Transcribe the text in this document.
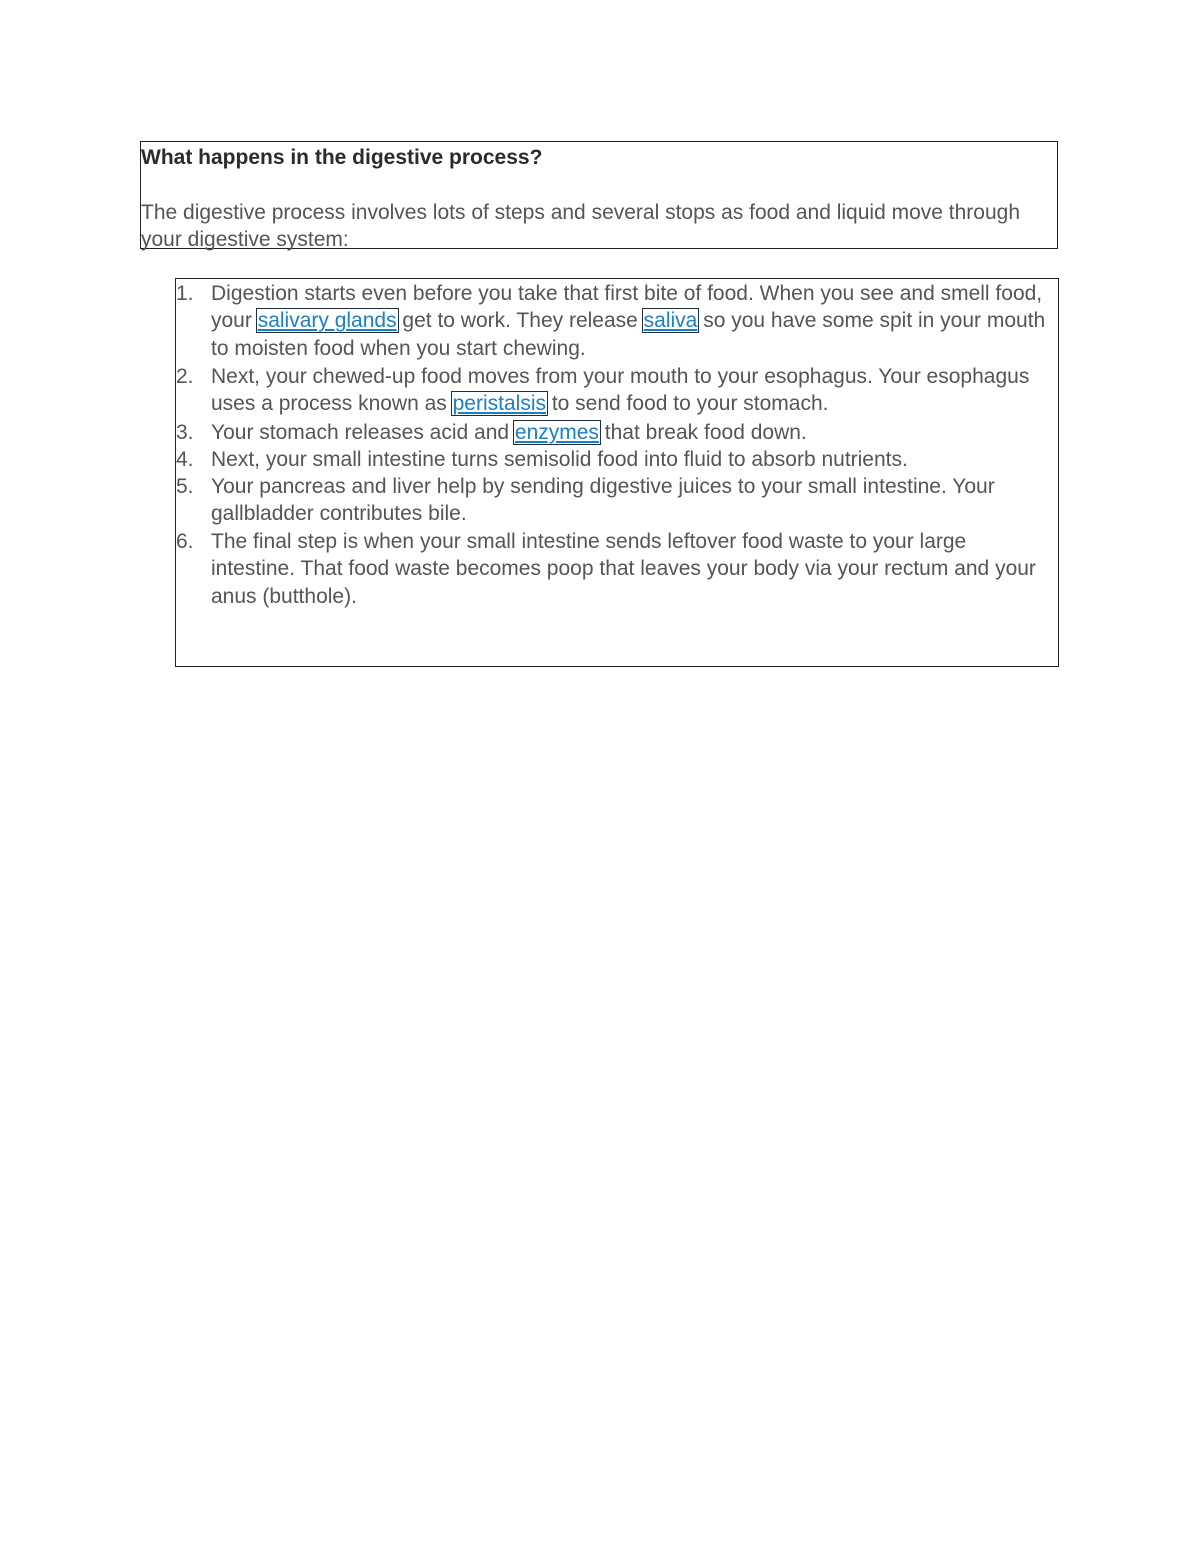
What happens in the digestive process?
The digestive process involves lots of steps and several stops as food and liquid move through your digestive system:
1. Digestion starts even before you take that first bite of food. When you see and smell food, your salivary glands get to work. They release saliva so you have some spit in your mouth to moisten food when you start chewing.
2. Next, your chewed-up food moves from your mouth to your esophagus. Your esophagus uses a process known as peristalsis to send food to your stomach.
3. Your stomach releases acid and enzymes that break food down.
4. Next, your small intestine turns semisolid food into fluid to absorb nutrients.
5. Your pancreas and liver help by sending digestive juices to your small intestine. Your gallbladder contributes bile.
6. The final step is when your small intestine sends leftover food waste to your large intestine. That food waste becomes poop that leaves your body via your rectum and your anus (butthole).
